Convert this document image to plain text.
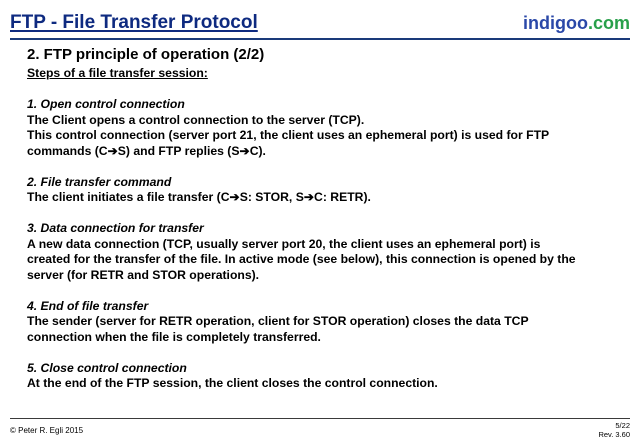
FTP - File Transfer Protocol	indigoo.com
2. FTP principle of operation (2/2)

Steps of a file transfer session:

1. Open control connection

The Client opens a control connection to the server (TCP).

This control connection (server port 21, the client uses an ephemeral port) is used for FTP

commands (C➔S) and FTP replies (S➔C).

2. File transfer command

The client initiates a file transfer (C➔S: STOR, S➔C: RETR).

3. Data connection for transfer

A new data connection (TCP, usually server port 20, the client uses an ephemeral port) is

created for the transfer of the file. In active mode (see below), this connection is opened by the

server (for RETR and STOR operations).

4. End of file transfer

The sender (server for RETR operation, client for STOR operation) closes the data TCP

connection when the file is completely transferred.

5. Close control connection

At the end of the FTP session, the client closes the control connection.

© Peter R. Egli 2015
5/22
Rev. 3.60
